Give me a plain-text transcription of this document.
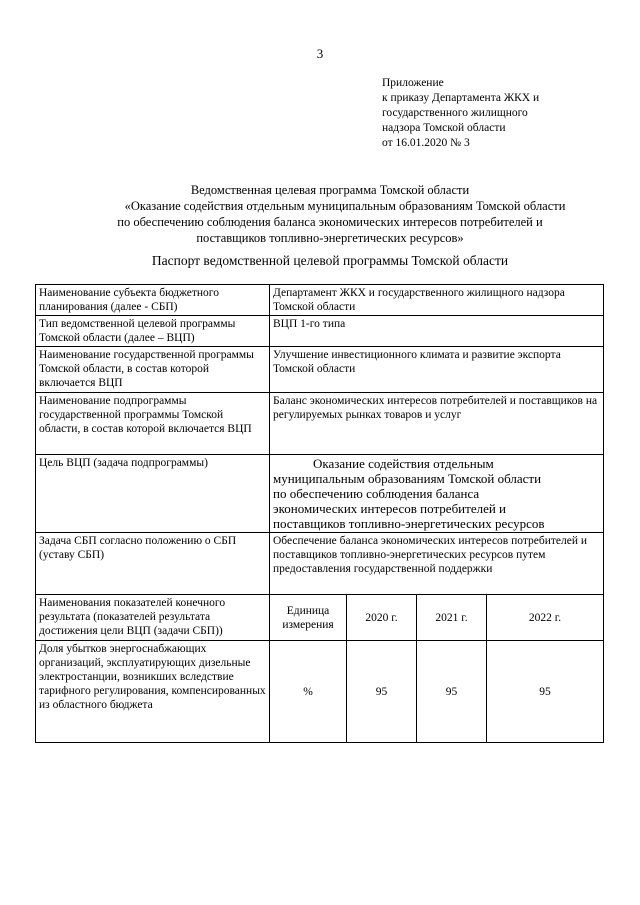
3
Приложение
к приказу Департамента ЖКХ и
государственного жилищного
надзора Томской области
от 16.01.2020 № 3
Ведомственная целевая программа Томской области
«Оказание содействия отдельным муниципальным образованиям Томской области
по обеспечению соблюдения баланса экономических интересов потребителей и
поставщиков топливно-энергетических ресурсов»
Паспорт ведомственной целевой программы Томской области
Наименование субъекта бюджетного планирования (далее - СБП)	Департамент ЖКХ и государственного жилищного надзора Томской области			
Тип ведомственной целевой программы Томской области (далее – ВЦП)	ВЦП 1-го типа			
Наименование государственной программы Томской области, в состав которой включается ВЦП	Улучшение инвестиционного климата и развитие экспорта Томской области			
Наименование подпрограммы государственной программы Томской области, в состав которой включается ВЦП	Баланс экономических интересов потребителей и поставщиков на регулируемых рынках товаров и услуг			
Цель ВЦП (задача подпрограммы)	Оказание содействия отдельным
муниципальным образованиям Томской области
по обеспечению соблюдения баланса
экономических интересов потребителей и
поставщиков топливно-энергетических ресурсов			

Задача СБП согласно положению о СБП (уставу СБП)	Обеспечение баланса экономических интересов потребителей и поставщиков топливно-энергетических ресурсов путем предоставления государственной поддержки			
Наименования показателей конечного результата (показателей результата достижения цели ВЦП (задачи СБП))	Единица измерения	2020 г.	2021 г.	2022 г.
Доля убытков энергоснабжающих организаций, эксплуатирующих дизельные электростанции, возникших вследствие тарифного регулирования, компенсированных из областного бюджета	%	95	95	95
